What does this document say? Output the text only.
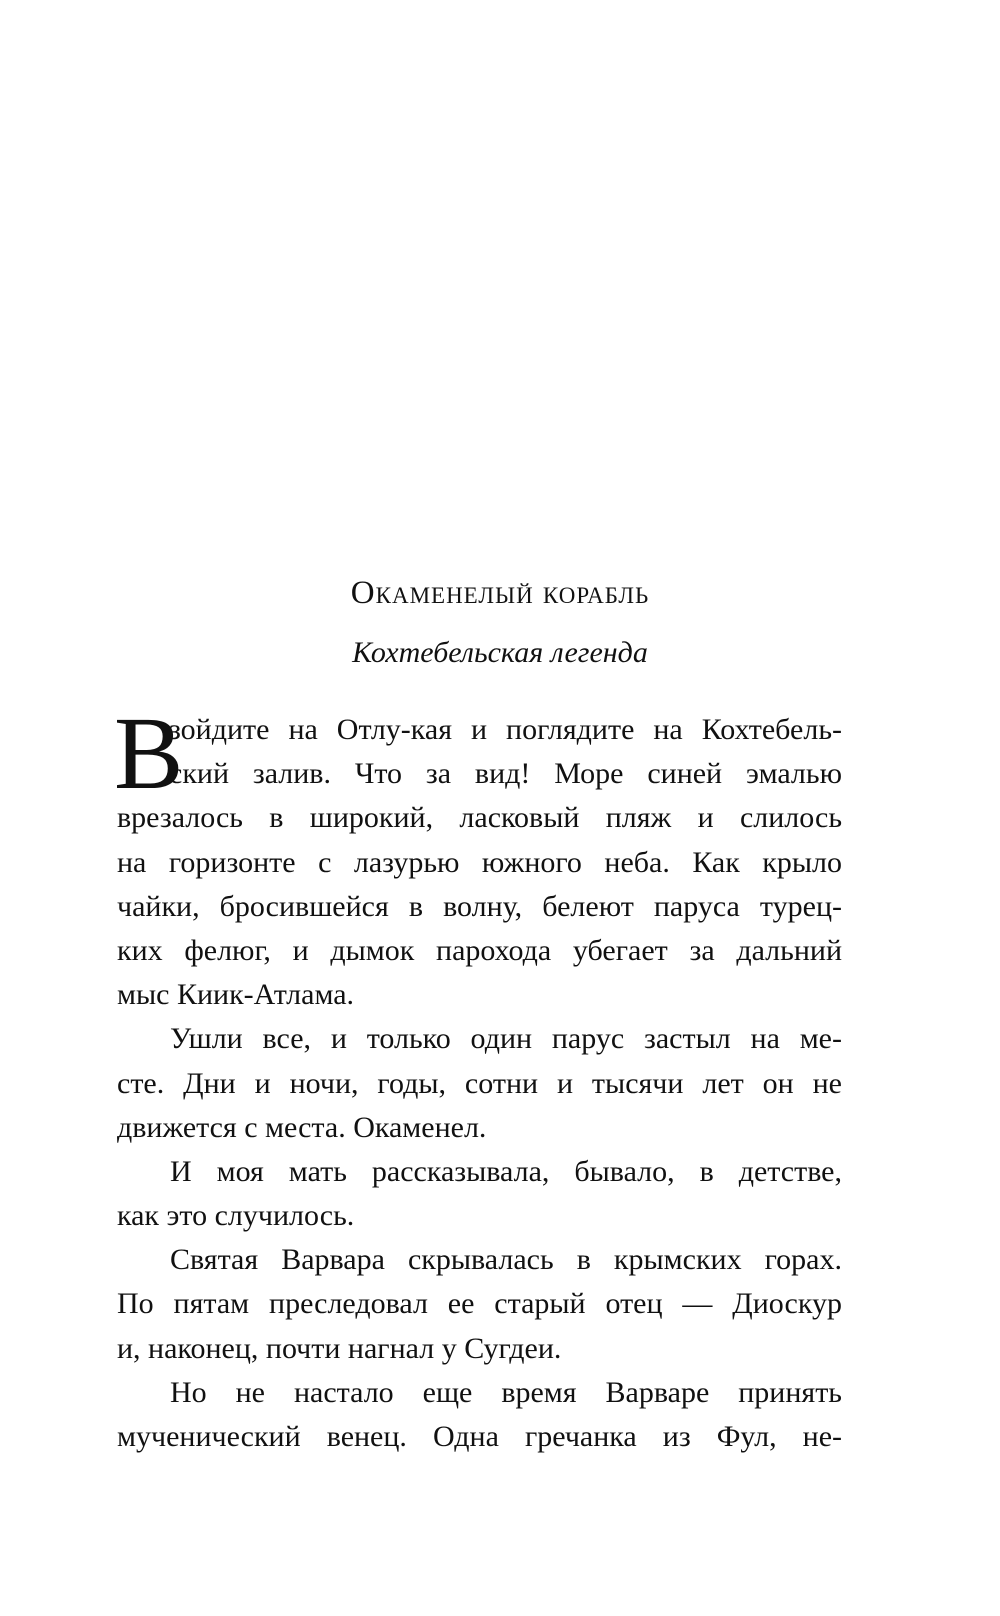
Окаменелый корабль
Кохтебельская легенда
В
зойдите на Отлу-кая и поглядите на Кохтебель-
ский залив. Что за вид! Море синей эмалью
врезалось в широкий, ласковый пляж и слилось
на горизонте с лазурью южного неба. Как крыло
чайки, бросившейся в волну, белеют паруса турец-
ких фелюг, и дымок парохода убегает за дальний
мыс Киик-Атлама.
Ушли все, и только один парус застыл на ме-
сте. Дни и ночи, годы, сотни и тысячи лет он не
движется с места. Окаменел.
И моя мать рассказывала, бывало, в детстве,
как это случилось.
Святая Варвара скрывалась в крымских горах.
По пятам преследовал ее старый отец — Диоскур
и, наконец, почти нагнал у Сугдеи.
Но не настало еще время Варваре принять
мученический венец. Одна гречанка из Фул, не-
